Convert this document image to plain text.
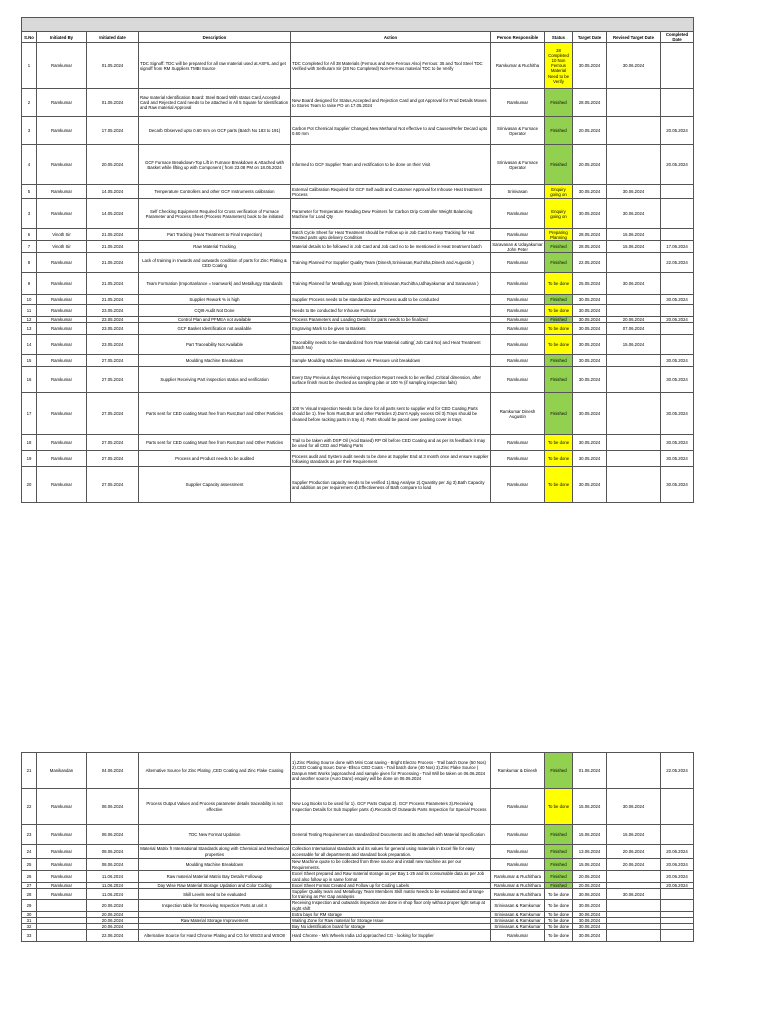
S.No	Initiated By	Initiated date	Description	Action	Person Responsible	Status	Target Date	Revised Target Date	Completed Date
1	Ramkumar	01.05.2024	TDC Signoff: TDC will be prepared for all raw material used at ASFIL and get signoff from RM Suppliers TMBI Source	TDC Completed for All 38 Materials (Ferrous and Non-Ferrous Also) Ferrous: 35 and Tool Steel TDC Verified with Sethuram Sir (28 No Completed) Non-Ferrous material TDC to be Verify	Ramkumar & Ruchitha	28 Completed 10 Non Ferrous Material Need to be Verify	30.05.2024	30.06.2024	
2	Ramkumar	01.05.2024	Raw material Identification Board: Steel Board With status Card,Accepted Card and Rejected Card needs to be attached in All 5 Square for Identification and Raw material Approval	New Board designed for Status,Accepted and Rejection Card and got Approval for Prod Details Moves to Stores Team to raise PO on 17.05.2024	Ramkumar	Finished	28.05.2024		
3	Ramkumar	17.05.2024	Decarb Observed upto 0.60 mm on GCF parts (Batch No 183 to 191)	Carbon Pot Chemical Supplier Changed,New Methanol Not effective to and Causes/Refer Decard upto 0.60 mm	Srinivasan & Furnace Operator	Finished	20.05.2024		20.05.2024
4	Ramkumar	20.05.2024	GCF Furnace Breakdown-Top Lift in Furnace Breakdown & Attached with Basket while lifting up with Component ( from 23.08 PM on 18.05.2024	Informed to GCF Supplier Team and rectification to be done on their Visit	Srinivasan & Furnace Operator	Finished	20.05.2024		20.05.2024
5	Ramkumar	14.05.2024	Temperature Controllers and other GCF Instruments calibration	External Calibration Required for GCF Self audit and Customer Approval for Inhouse Heat treatment Process	Srinivasan	Enquiry going on	30.05.2024	30.06.2024	
3	Ramkumar	14.05.2024	Self Checking Equipment Required for Cross verification of Furnace Parameter and Process Sheet (Process Parameters) book to be initiated	Parameter for Temperature Reading Dew Pointers for Carbon Drip Controller Weight Balancing Machine for Load Qty	Ramkumar	Enquiry going on	30.05.2024	30.06.2024	
6	Vinoth Sir	21.05.2024	Part Tracking (Heat Treatment to Final Inspection)	Batch Cycle Sheet for Heat Treatment should be Follow up in Job Card to Keep Tracking for Hot Treated parts upto delivery Condition	Ramkumar	Preparing Planning	28.05.2024	15.06.2024	
7	Vinoth Sir	21.05.2024	Raw Material Tracking	Material details to be followed in Job Card and Job card no to be mentioned in Heat treatment batch	Saravanan & Udayakumar John Peter	Finished	28.05.2024	15.06.2024	17.06.2024
8	Ramkumar	21.05.2024	Lack of training in Inwards and outwards condition of parts for Zinc Plating & CED Coating	Training Planned For Supplier Quality Team (Dinesh,Srinivasan,Ruchitha,Dinesh and Augustin )	Ramkumar	Finished	22.05.2024		22.05.2024
9	Ramkumar	21.05.2024	Team Formation (Importanlance = teamwork) and Metallurgy Standards	Training Planned for Metallurgy team (Dinesh,Srinivasan,Ruchitha,Udhayakumar and Saravanan )	Ramkumar	To be done	25.05.2024	30.06.2024	
10	Ramkumar	21.05.2024	Supplier Rework % is high	Supplier Process needs to be standardize and Process audit to be conducted	Ramkumar	Finished	30.05.2024		30.05.2024
11	Ramkumar	23.05.2024	CQI9 Audit Not Done	Needs to Be conducted for Inhouse Furnace	Ramkumar	To be done	30.05.2024		
12	Ramkumar	23.05.2024	Control Plan and PFMEA not available	Process Parameters and Loading Details for parts needs to be finalized	Ramkumar	Finished	30.05.2024	20.06.2024	20.06.2024
13	Ramkumar	23.05.2024	GCF Basket Identification not available	Engraving Mark to be given to Baskets	Ramkumar	To be done	30.05.2024	07.06.2024	
14	Ramkumar	23.05.2024	Part Traceability Not Available	Traceability needs to be standardized from Raw Material cutting( Job Card No) and Heat Treatment (Batch No)	Ramkumar	To be done	30.05.2024	15.06.2024	
15	Ramkumar	27.05.2024	Moulding Machine Breakdown	Sample Moulding Machine Breakdown Air Pressure unit breakdown	Ramkumar	Finished	30.05.2024		30.05.2024
16	Ramkumar	27.05.2024	Supplier Receiving Part inspection status and verification	Every Day Previous days Receiving Inspection Report needs to be verified ,Critical dimension, after surface finish must be checked as sampling plan or 100 % (if sampling inspection fails)	Ramkumar	Finished	30.05.2024		30.05.2024
17	Ramkumar	27.05.2024	Parts sent for CED coating Must free from Rust,Burr and Other Particles	100 % Visual Inspection Needs to be done for all parts sent to supplier end for CED Coating,Parts should be 1). free from Rust,Burr and other Particles 2).Don't Apply excess Oil 3).Trays should be cleaned before racking parts in tray 4). Parts should be paced over packing cover in trays	Ramkumar Dinesh Augustin	Finished	30.05.2024		30.05.2024
18	Ramkumar	27.05.2024	Parts sent for CED coating Must free from Rust,Burr and Other Particles	Trail to be taken with DSP Oil (Acid Based) RP Oil before CED Coating and as per its feedback it may be used for all CED and Plating Parts	Ramkumar	To be done	30.05.2024		30.05.2024
19	Ramkumar	27.05.2024	Process and Product needs to be audited	Process audit and System audit needs to be done at Supplier End at 3 month once and ensure supplier following standards as per their Requirement	Ramkumar	To be done	30.05.2024		30.05.2024
20	Ramkumar	27.05.2024	Supplier Capacity assessment	Supplier Production capacity needs to be verified 1).Bag Analyse 2).Quantity per Jig 3).Bath Capacity and addition as per requirement 4).Effectiveness of Bath compare to load	Ramkumar	To be done	30.05.2024		30.05.2024
21	Manikandan	04.06.2024	Alternative Source for Zinc Plating ,CED Coating and Zinc Flake Coating	1).Zinc Plating Source done with Mini Coat saving - Bright Electro Process - Trail batch Done (50 Nos) 2).CED Coating Sourc Done -Ellsco CED Coats - Trail batch done (40 Nos) 3).Zinc Flake Source ( Danpun Mett Works )approached and sample given for Processing - Trail Will be taken on 06.06.2024 and another source (Auro Danc) enquiry will be done on 06.06.2024	Ramkumar & Dinesh	Finished	01.06.2024		22.05.2024
22	Ramkumar	08.06.2024	Process Output Values and Process parameter details traceability is not effective	New Log Books to be used for 1). GCF Parts Output 2). GCF Process Parameters 3).Receiving Inspection Details for Sub Supplier parts 4).Records Of Outwards Parts Inspection for Special Process	Ramkumar	To be done	15.06.2024	30.06.2024	
23	Ramkumar	08.06.2024	TDC New Format Updation	General Testing Requirement as standardized Documents and its attached with Material Specification	Ramkumar	Finished	15.06.2024	15.06.2024	
24	Ramkumar	08.06.2024	Material Matrix fr International Standards along with Chemical and Mechanical properties	Collection International standards and its values for general using materials in Excel file for easy accessable for all departments and standard book preparation.	Ramkumar	Finished	13.06.2024	20.06.2024	20.06.2024
25	Ramkumar	08.06.2024	Moulding Machine Breakdown	New Machine quote to be collected from three source and install new machine as per our Requirements.	Ramkumar	Finished	15.06.2024	20.06.2024	20.06.2024
26	Ramkumar	11.06.2024	Raw material Material Matrix Bay Details Followup	Excel Sheet prepared and Raw material storage as per Bay 1-25 and its consumable data as per Job card also follow up in same format	Ramkumar & Ruchithara	Finished	20.06.2024		20.06.2024
27	Ramkumar	11.06.2024	Day Wise Raw Material Storage Updation and Color Coding	Excel Sheet Format Created and Follow up for Coding Labels	Ramkumar & Ruchithara	Finished	20.06.2024		20.06.2024
28	Ramkumar	11.06.2024	Skill Levels need to be evaluated	Supplier Quality team and Metallurgy Team Members Skill matrix Needs to be evaluated and arrange for training as Per Gap analaysis	Ramkumar & Ruchithara	To be done	30.06.2024	30.06.2024	
29		20.06.2024	Inspection table for Receiving Inspection Parts at unit 4	Receiving Inspection and outwards inspection are done in shop floor only without proper light setup at night shift	Srinivasan & Ramkumar	To be done	30.06.2024		
30		20.06.2024		Extra bays for RM storage	Srinivasan & Ramkumar	To be done	30.06.2024		
31		20.06.2024	Raw Material Storage Improvement	Waiting Zone for Raw material for Storage Issue	Srinivasan & Ramkumar	To be done	30.06.2024		
32		20.06.2024		Bay No identification board for storage	Srinivasan & Ramkumar	To be done	30.06.2024		
33		22.06.2024	Alternative Source for Hard Chrome Plating and CG for WSO3 and WSO8	Hard Chrome - M/s Wheels India Ltd approached CG - looking for Supplier	Ramkumar	To be done	30.06.2024		
